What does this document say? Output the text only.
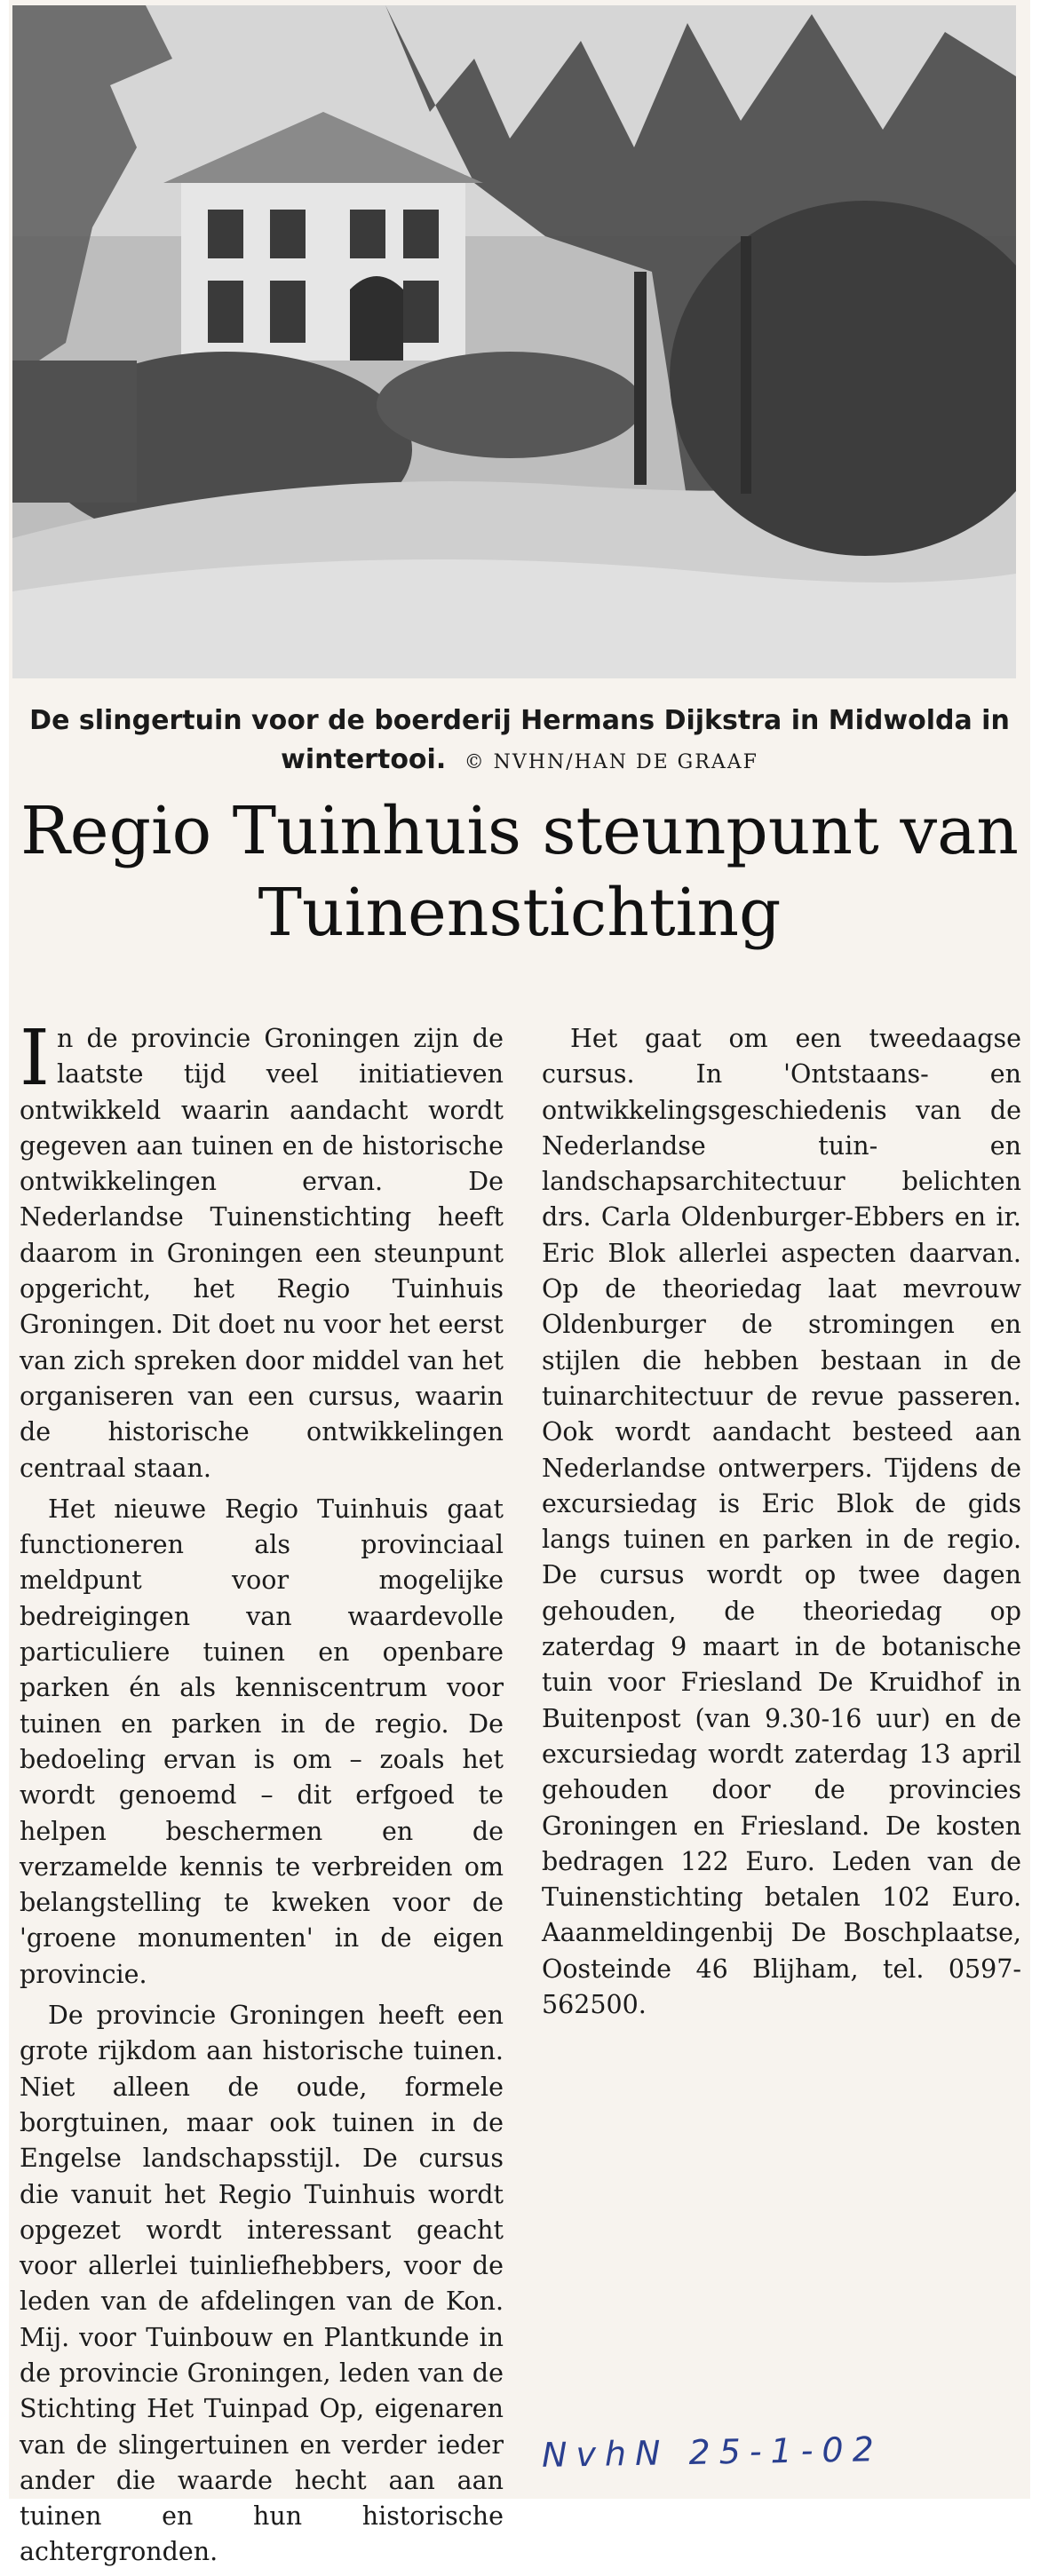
De slingertuin voor de boerderij Hermans Dijkstra in Midwolda in wintertooi. © NVHN/HAN DE GRAAF
Regio Tuinhuis steunpunt van Tuinenstichting

In de provincie Groningen zijn de laatste tijd veel initiatieven ontwikkeld waarin aandacht wordt gegeven aan tuinen en de historische ontwikkelingen ervan. De Nederlandse Tuinenstichting heeft daarom in Groningen een steunpunt opgericht, het Regio Tuinhuis Groningen. Dit doet nu voor het eerst van zich spreken door middel van het organiseren van een cursus, waarin de historische ontwikkelingen centraal staan.

Het nieuwe Regio Tuinhuis gaat functioneren als provinciaal meldpunt voor mogelijke bedreigingen van waardevolle particuliere tuinen en openbare parken én als kenniscentrum voor tuinen en parken in de regio. De bedoeling ervan is om – zoals het wordt genoemd – dit erfgoed te helpen beschermen en de verzamelde kennis te verbreiden om belangstelling te kweken voor de 'groene monumenten' in de eigen provincie.

De provincie Groningen heeft een grote rijkdom aan historische tuinen. Niet alleen de oude, formele borgtuinen, maar ook tuinen in de Engelse landschapsstijl. De cursus die vanuit het Regio Tuinhuis wordt opgezet wordt interessant geacht voor allerlei tuinliefhebbers, voor de leden van de afdelingen van de Kon. Mij. voor Tuinbouw en Plantkunde in de provincie Groningen, leden van de Stichting Het Tuinpad Op, eigenaren van de slingertuinen en verder ieder ander die waarde hecht aan aan tuinen en hun historische achtergronden.

Het gaat om een tweedaagse cursus. In 'Ontstaans- en ontwikkelingsgeschiedenis van de Nederlandse tuin- en landschapsarchitectuur belichten drs. Carla Oldenburger-Ebbers en ir. Eric Blok allerlei aspecten daarvan. Op de theoriedag laat mevrouw Oldenburger de stromingen en stijlen die hebben bestaan in de tuinarchitectuur de revue passeren. Ook wordt aandacht besteed aan Nederlandse ontwerpers. Tijdens de excursiedag is Eric Blok de gids langs tuinen en parken in de regio. De cursus wordt op twee dagen gehouden, de theoriedag op zaterdag 9 maart in de botanische tuin voor Friesland De Kruidhof in Buitenpost (van 9.30-16 uur) en de excursiedag wordt zaterdag 13 april gehouden door de provincies Groningen en Friesland. De kosten bedragen 122 Euro. Leden van de Tuinenstichting betalen 102 Euro. Aaanmeldingenbij De Boschplaatse, Oosteinde 46 Blijham, tel. 0597-562500.

NvhN 25-1-02
